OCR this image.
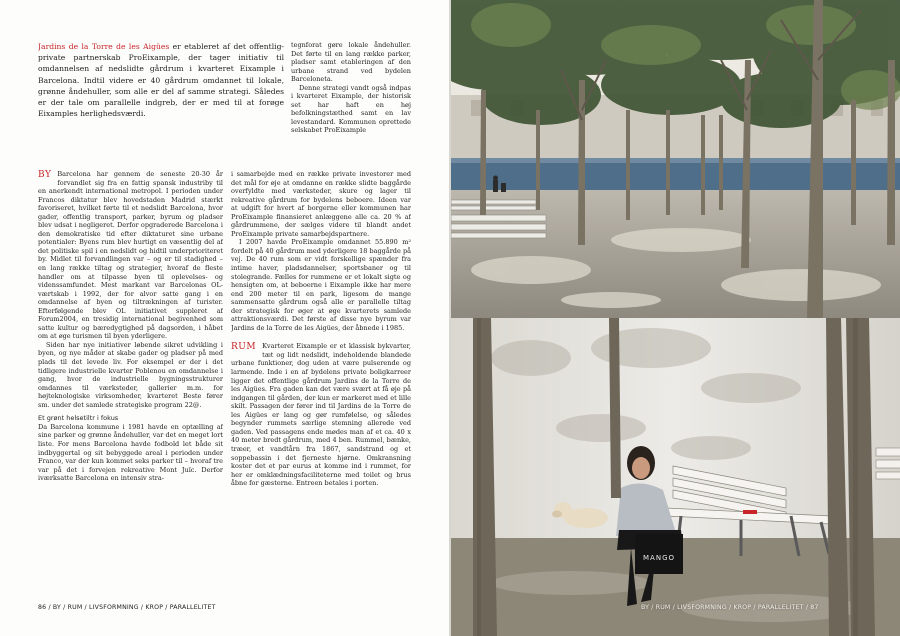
Jardins de la Torre de les Aigües er etableret af det offentlig-private partnerskab ProEixample, der tager initiativ til omdannelsen af nedslidte gårdrum i kvarteret Eixample i Barcelona. Indtil videre er 40 gårdrum omdannet til lokale, grønne åndehuller, som alle er del af samme strategi. Således er der tale om parallelle indgreb, der er med til at forøge Eixamples herlighedsværdi.

tegnforat gøre lokale åndehuller. Det førte til en lang række parker, pladser samt etableringen af den urbane strand ved bydelen Barceloneta.

Denne strategi vandt også indpas i kvarteret Eixample, der historisk set har haft en høj befolkningstæthed samt en lav levestandard. Kommunen oprettede selskabet ProEixample

BY Barcelona har gennem de seneste 20-30 år forvandlet sig fra en fattig spansk industriby til en anerkendt international metropol. I perioden under Francos diktatur blev hovedstaden Madrid stærkt favoriseret, hvilket førte til et nedslidt Barcelona, hvor gader, offentlig transport, parker, byrum og pladser blev udsat i negligeret. Derfor opgraderede Barcelona i den demokratiske tid efter diktaturet sine urbane potentialer: Byens rum blev hurtigt en væsentlig del af det politiske spil i en nedslidt og hidtil underprioriteret by. Midlet til forvandlingen var – og er til stadighed – en lang række tiltag og strategier, hvoraf de fleste handler om at tilpasse byen til oplevelses- og videnssamfundet. Mest markant var Barcelonas OL-værtskab i 1992, der for alvor satte gang i en omdannelse af byen og tiltrækningen af turister. Efterfølgende blev OL initiativet suppleret af Forum2004, en tresidig international begivenhed som satte kultur og bæredygtighed på dagsorden, i håbet om at øge turismen til byen yderligere.

Siden har nye initiativer løbende sikret udvikling i byen, og nye måder at skabe gader og pladser på med plads til det levede liv. For eksempel er der i det tidligere industrielle kvarter Poblenou en omdannelse i gang, hvor de industrielle bygningsstrukturer omdannes til værksteder, gallerier m.m. for højteknologiske virksomheder, kvarteret Beste fører sm. under det samlede strategiske program 22@.

Et grønt helsetiltr i fokus

Da Barcelona kommune i 1981 havde en optælling af sine parker og grønne åndehuller, var det en meget lort liste. For mens Barcelona havde fodbold let både sit indbyggertal og sit bebyggede areal i perioden under Franco, var der kun kommet seks parker til – hvoraf tre var på det i forvejen rekreative Mont Juïc. Derfor iværksatte Barcelona en intensiv stra-

i samarbejde med en række private investorer med det mål for øje at omdanne en række slidte baggårde overfyldte med værksteder, skure og lager til rekreative gårdrum for bydelens beboere. Ideen var at udgift for hvert af borgerne eller kommunen har ProEixample finansieret anlæggene alle ca. 20 % af gårdrummene, der sælges videre til blandt andet ProEixample private samarbejdspartnere.

I 2007 havde ProEixample omdannet 55.890 m² fordelt på 40 gårdrum med yderligere 18 baggårde på vej. De 40 rum som er vidt forskellige spænder fra intime haver, pladsdannelser, sportsbaner og til stolegrande. Fælles for rummene er et lokalt sigte og hensigten om, at beboerne i Eixample ikke har mere end 200 meter til en park, ligesom de mange sammensatte gårdrum også alle er parallelle tiltag der strategisk for øger at øge kvarterets samlede attraktionsværdi. Det første af disse nye byrum var Jardins de la Torre de les Aigües, der åbnede i 1985.

RUM Kvarteret Eixample er et klassisk bykvarter, tæt og lidt nedslidt, indeholdende blandede urbane funktioner, dog uden at være pulserende og larmende. Inde i en af bydelens private boligkarreer ligger det offentlige gårdrum Jardins de la Torre de les Aigües. Fra gaden kan det være svært at få øje på indgangen til gården, der kun er markeret med et lille skilt. Passagen der fører ind til Jardins de la Torre de les Aigües er lang og gør rumfølelse, og således begynder rummets særlige stemning allerede ved gaden. Ved passagens ende mødes man af et ca. 40 x 40 meter bredt gårdrum, med 4 ben. Rummel, bænke, træer, et vandtårn fra 1867, sandstrand og et soppebassin i det fjerneste hjørne. Omkransning koster det et par eurus at komme ind i rummet, for her er omklædningsfaciliteterne med toilet og brus åbne for gæsterne. Entreen betales i porten.

86 / BY / RUM / LIVSFORMNING / KROP / PARALLELITET
MANGO
BY / RUM / LIVSFORMNING / KROP / PARALLELITET / 87
